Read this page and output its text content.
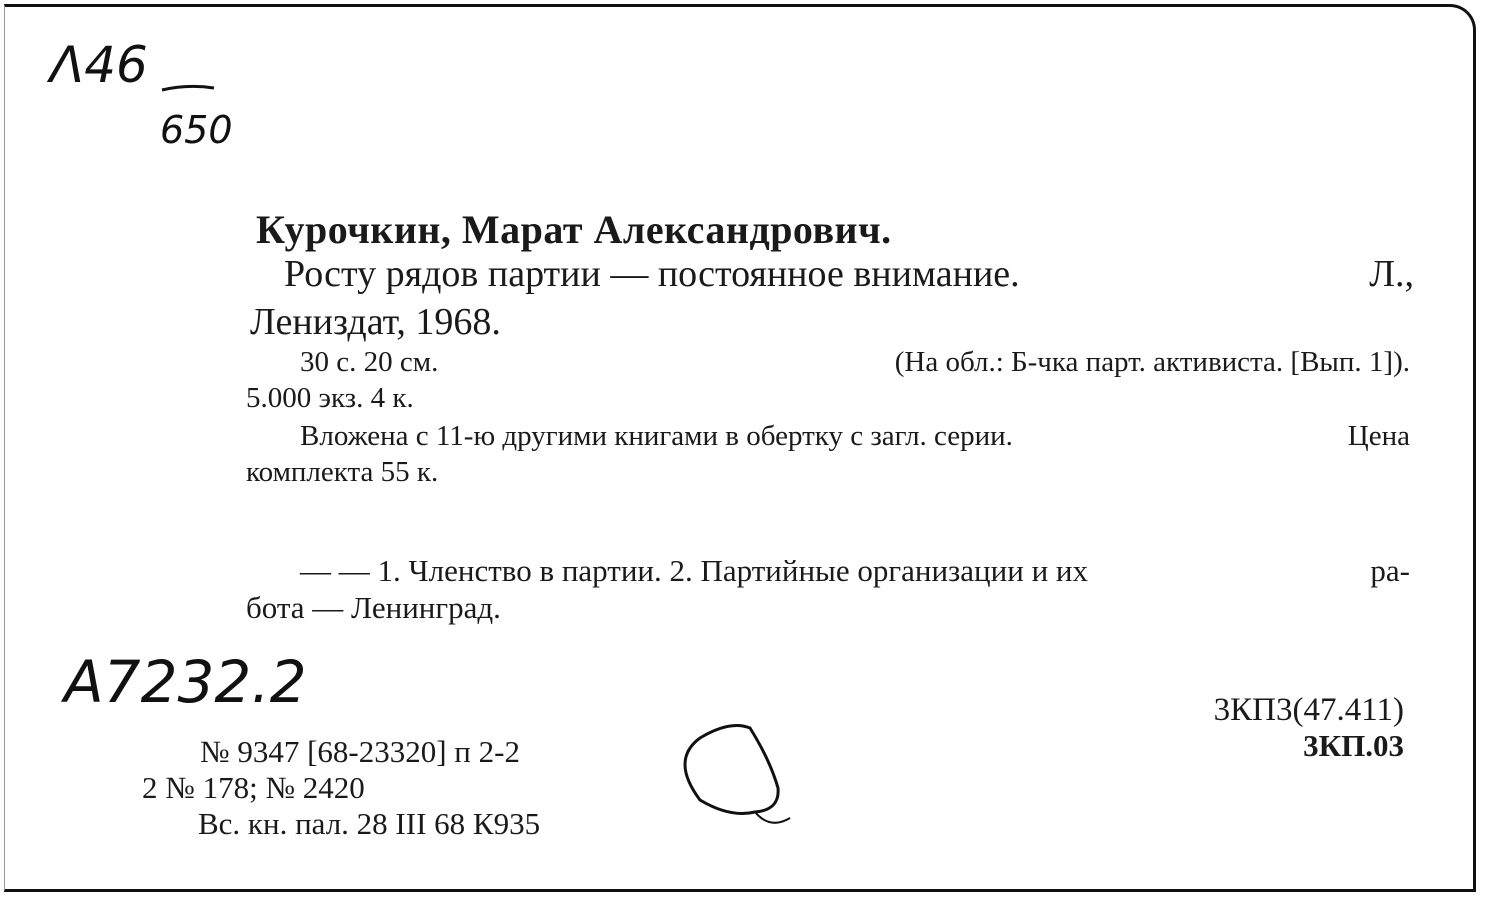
Λ46
650
Курочкин, Марат Александрович.
Росту рядов партии — постоянное внимание.	Л.,
Лениздат, 1968.
30 с. 20 см.	(На обл.: Б-чка парт. активиста. [Вып. 1]).
5.000 экз. 4 к.
Вложена с 11-ю другими книгами в обертку с загл. серии.	Цена
комплекта 55 к.
— — 1. Членство в партии. 2. Партийные организации и их	ра-
бота — Ленинград.
А7232.2
№ 9347 [68-23320] п 2-2
2 № 178; № 2420
Вс. кн. пал. 28 III 68 К935
3КП3(47.411)
3КП.03
